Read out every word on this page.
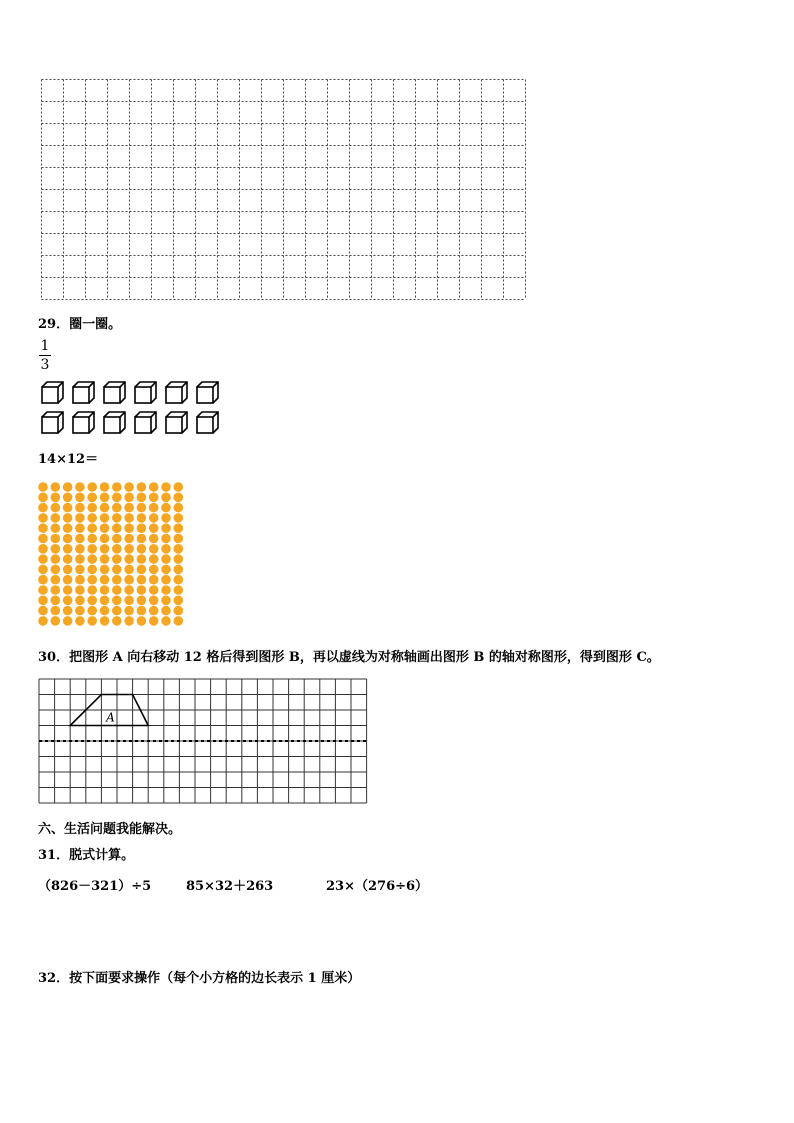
29．圈一圈。
1
3
14×12＝
30．把图形 A 向右移动 12 格后得到图形 B，再以虚线为对称轴画出图形 B 的轴对称图形，得到图形 C。
A
六、生活问题我能解决。
31．脱式计算。
（826－321）÷5	85×32＋263	23×（276÷6）
32．按下面要求操作（每个小方格的边长表示 1 厘米）
